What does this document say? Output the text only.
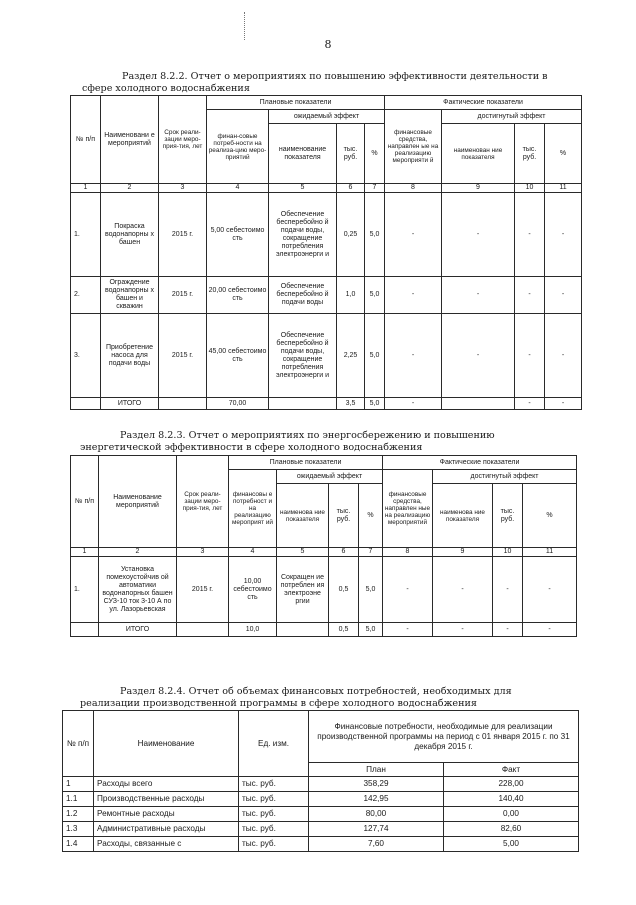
8
Раздел 8.2.2. Отчет о мероприятиях по повышению эффективности деятельности в
сфере холодного водоснабжения
№ п/п	Наименовани е мероприятий	Срок реали-зации меро-прия-тия, лет	Плановые показатели				Фактические показатели			
			финан-совые потреб-ности на реализа-цию меро-приятий	ожидаемый эффект			финансовые средства, направлен ые на реализацию мероприяти й	достигнутый эффект		
				наименование показателя	тыс. руб.	%		наименован ние показателя	тыс. руб.	%
1	2	3	4	5	6	7	8	9	10	11
1.	Покраска водонапорны х башен	2015 г.	5,00 себестоимо сть	Обеспечение бесперебойно й подачи воды, сокращение потребления электроэнерги и	0,25	5,0	-	-	-	-
2.	Ограждение водонапорны х башен и скважин	2015 г.	20,00 себестоимо сть	Обеспечение бесперебойно й подачи воды	1,0	5,0	-	-	-	-
3.	Приобретение насоса для подачи воды	2015 г.	45,00 себестоимо сть	Обеспечение бесперебойно й подачи воды, сокращение потребления электроэнерги и	2,25	5,0	-	-	-	-
	ИТОГО		70,00		3,5	5,0	-		-	-
Раздел 8.2.3. Отчет о мероприятиях по энергосбережению и повышению
энергетической эффективности в сфере холодного водоснабжения
№ п/п	Наименование мероприятий	Срок реали-зации меро-прия-тия, лет	Плановые показатели				Фактические показатели			
			финансовы е потребност и на реализацию мероприят ий	ожидаемый эффект			финансовые средства, направлен ные на реализацию мероприятий	достигнутый эффект		
				наименова ние показателя	тыс. руб.	%		наименова ние показателя	тыс. руб.	%
1	2	3	4	5	6	7	8	9	10	11
1.	Установка помехоустойчив ой автоматики водонапорных башен СУЗ-10 ток 3-10 А по ул. Лазорьевская	2015 г.	10,00 себестоимо сть	Сокращен ие потреблен ия электроэне ргии	0,5	5,0	-	-	-	-
	ИТОГО		10,0		0,5	5,0	-	-	-	-
Раздел 8.2.4. Отчет об объемах финансовых потребностей, необходимых для
реализации производственной программы в сфере холодного водоснабжения
№ п/п	Наименование	Ед. изм.	Финансовые потребности, необходимые для реализации производственной программы на период с 01 января 2015 г. по 31 декабря 2015 г.	
			План	Факт
1	Расходы всего	тыс. руб.	358,29	228,00
1.1	Производственные расходы	тыс. руб.	142,95	140,40
1.2	Ремонтные расходы	тыс. руб.	80,00	0,00
1.3	Административные расходы	тыс. руб.	127,74	82,60
1.4	Расходы, связанные с	тыс. руб.	7,60	5,00
